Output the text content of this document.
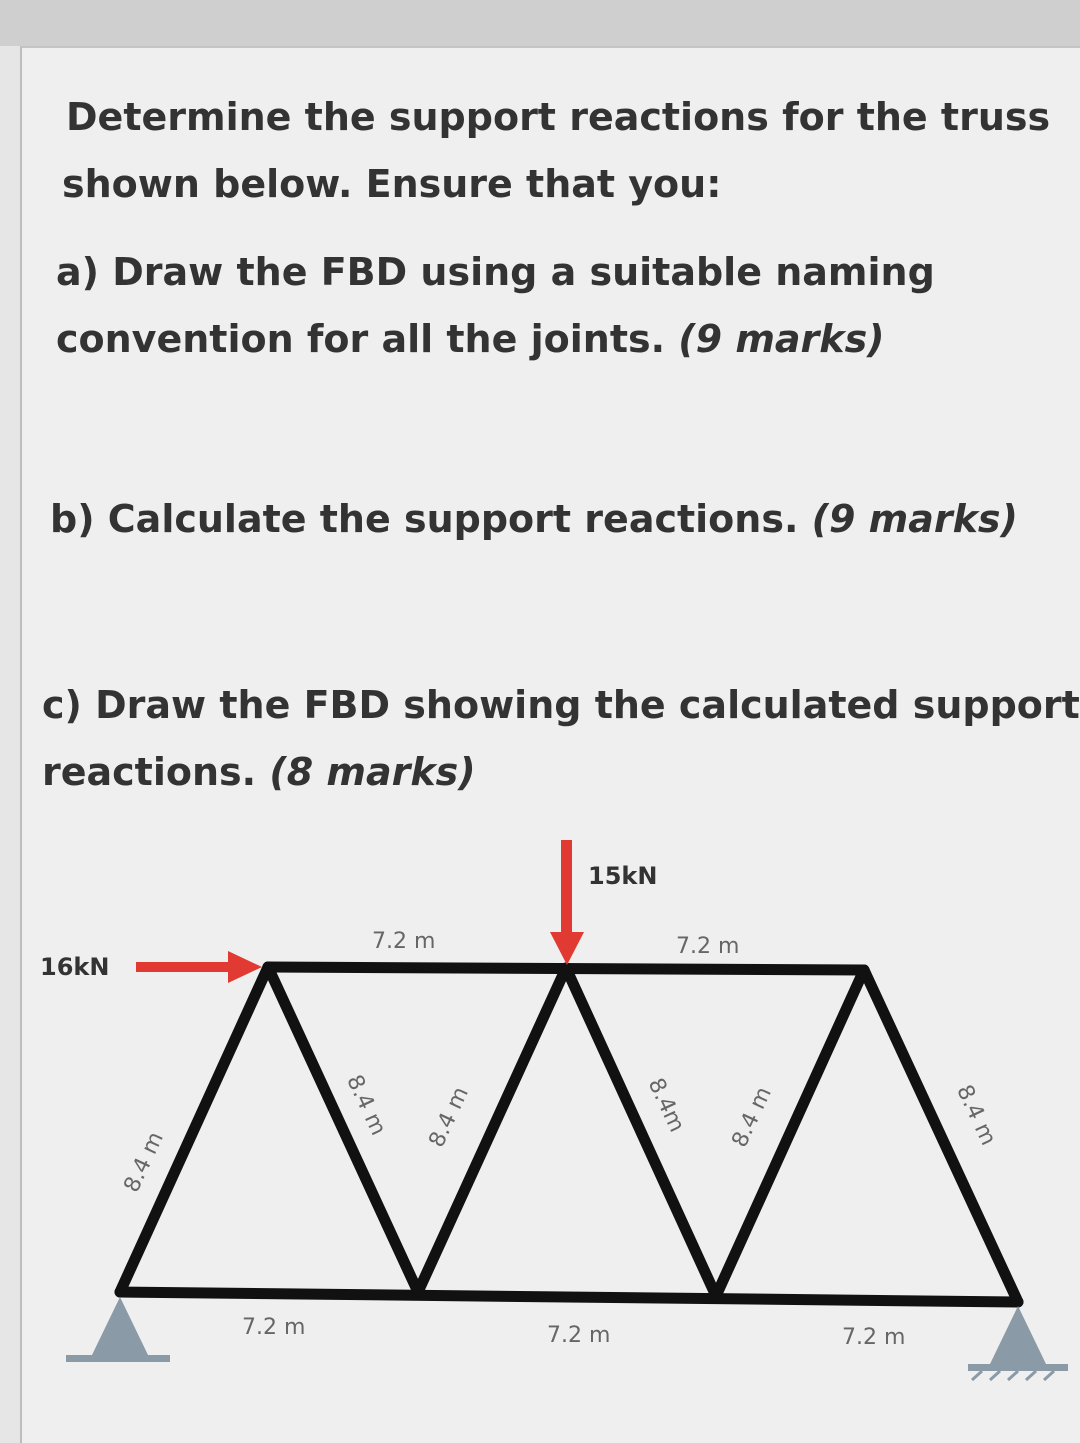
Determine the support reactions for the truss
shown below. Ensure that you:
a) Draw the FBD using a suitable naming
convention for all the joints. (9 marks)
b) Calculate the support reactions. (9 marks)
c) Draw the FBD showing the calculated support
reactions. (8 marks)
16kN
15kN
7.2 m	7.2 m
7.2 m	7.2 m	7.2 m
8.4 m
8.4 m 8.4 m	8.4m 8.4 m	8.4 m
